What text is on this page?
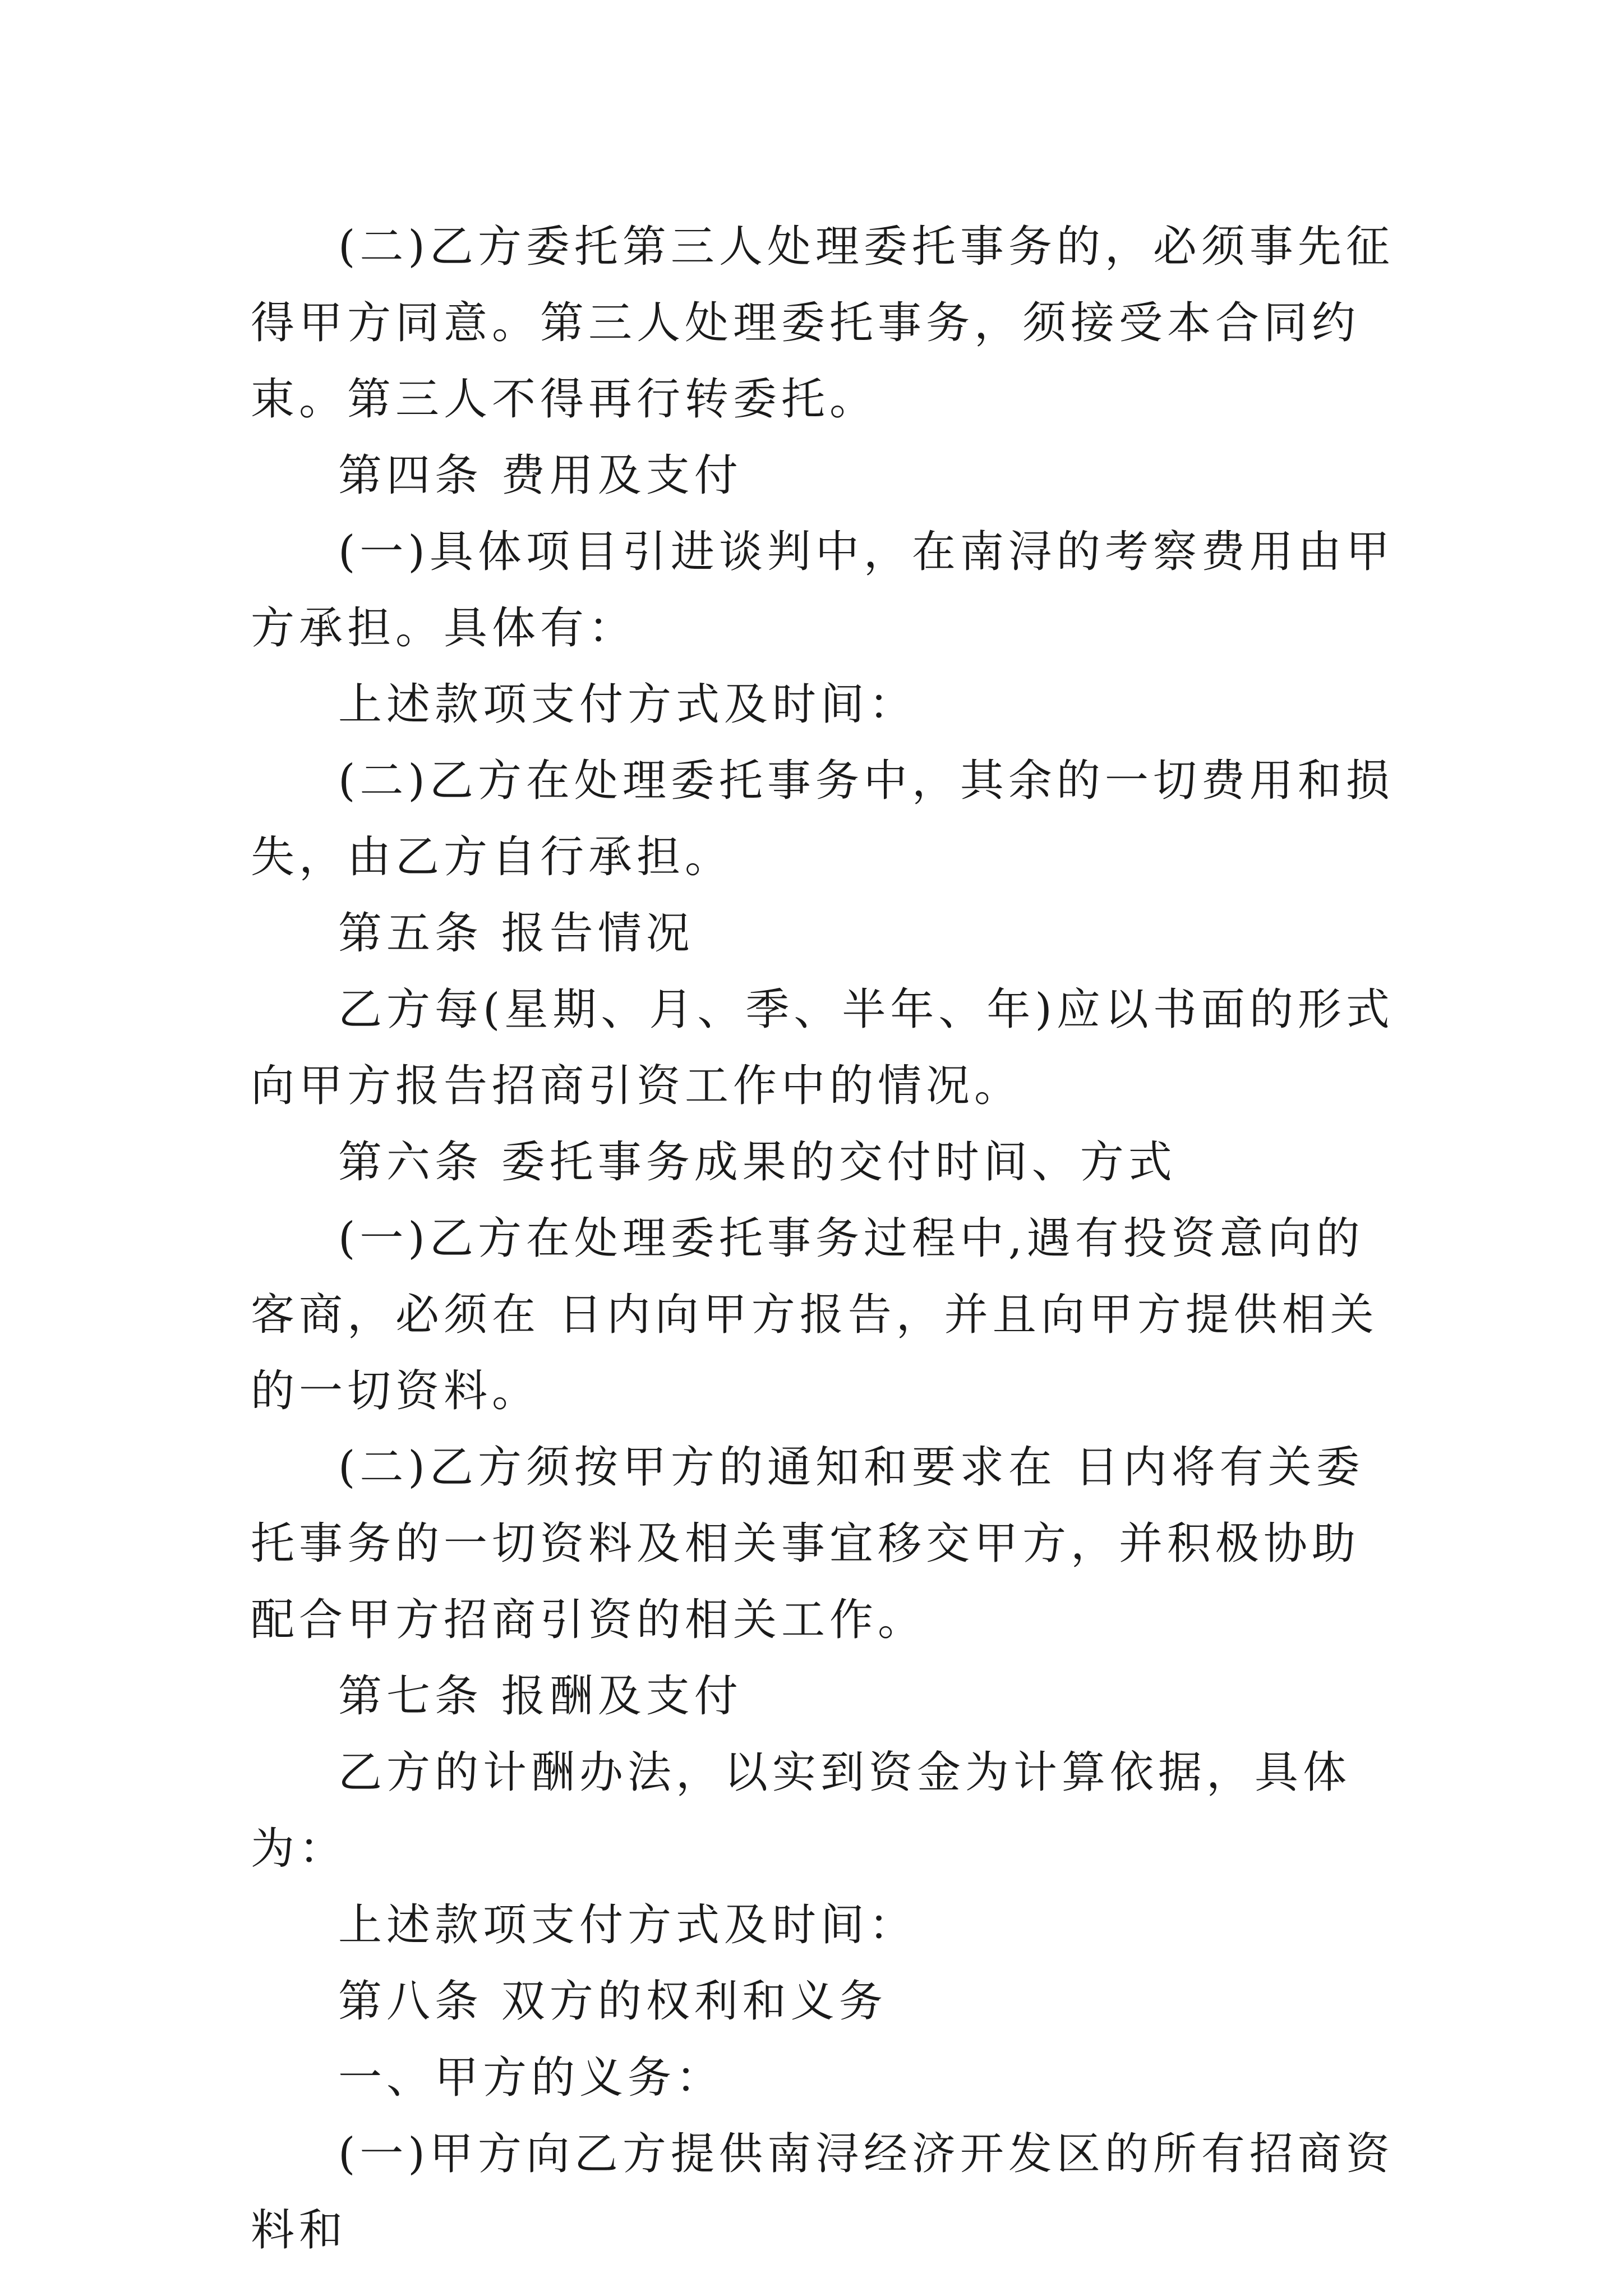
(二)乙方委托第三人处理委托事务的，必须事先征得甲方同意。第三人处理委托事务，须接受本合同约束。第三人不得再行转委托。

第四条 费用及支付

(一)具体项目引进谈判中，在南浔的考察费用由甲方承担。具体有：

上述款项支付方式及时间：

(二)乙方在处理委托事务中，其余的一切费用和损失，由乙方自行承担。

第五条 报告情况

乙方每(星期、月、季、半年、年)应以书面的形式向甲方报告招商引资工作中的情况。

第六条 委托事务成果的交付时间、方式

(一)乙方在处理委托事务过程中,遇有投资意向的客商，必须在 日内向甲方报告，并且向甲方提供相关的一切资料。

(二)乙方须按甲方的通知和要求在 日内将有关委托事务的一切资料及相关事宜移交甲方，并积极协助配合甲方招商引资的相关工作。

第七条 报酬及支付

乙方的计酬办法，以实到资金为计算依据，具体为：

上述款项支付方式及时间：

第八条 双方的权利和义务

一、甲方的义务：

(一)甲方向乙方提供南浔经济开发区的所有招商资料和
